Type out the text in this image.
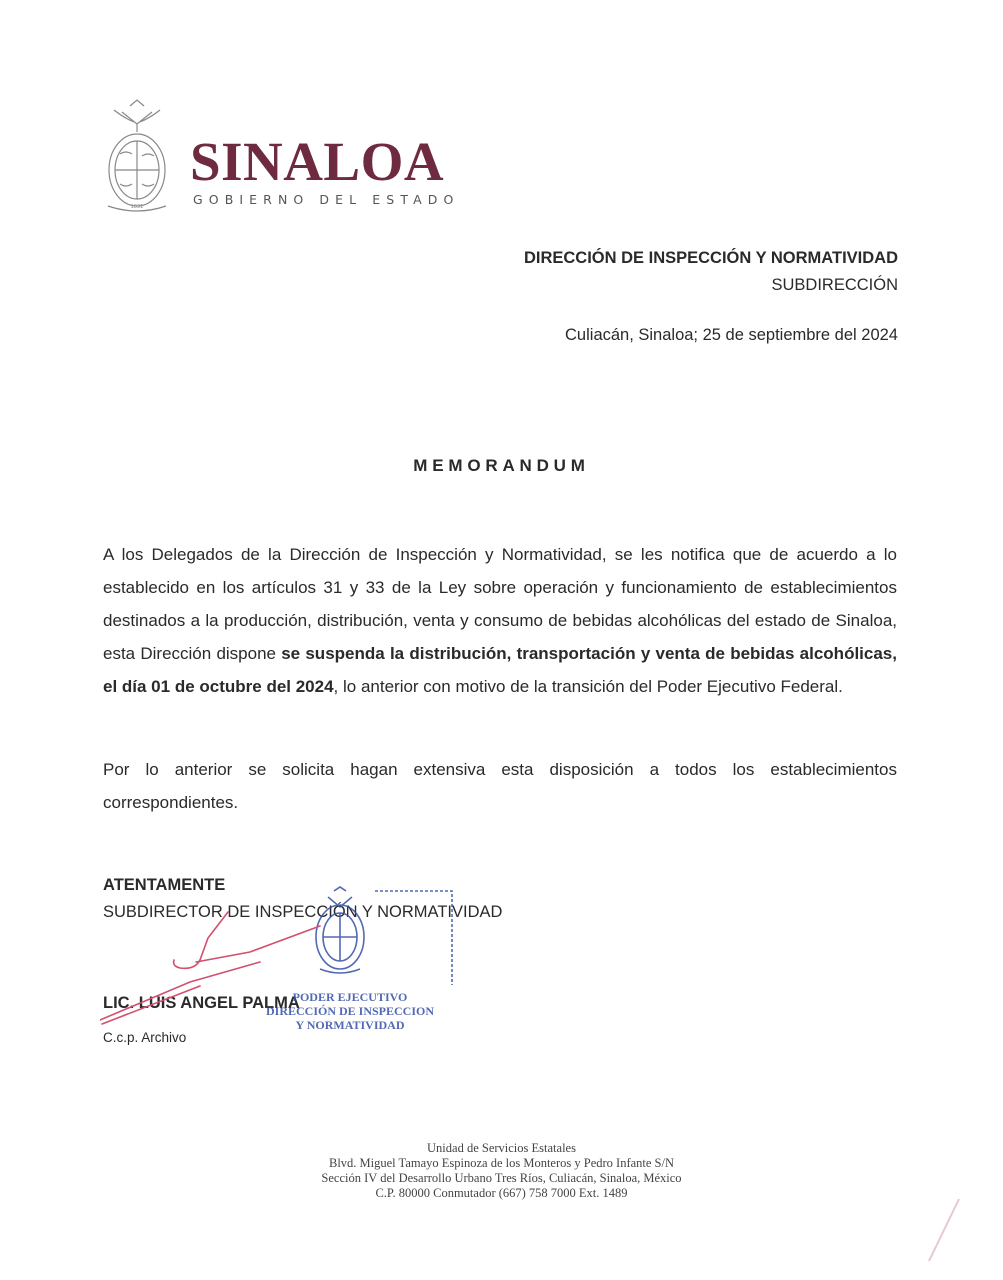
1831
SINALOA
GOBIERNO DEL ESTADO
DIRECCIÓN DE INSPECCIÓN Y NORMATIVIDAD
SUBDIRECCIÓN
Culiacán, Sinaloa; 25 de septiembre del 2024
MEMORANDUM
A los Delegados de la Dirección de Inspección y Normatividad, se les notifica que de acuerdo a lo establecido en los artículos 31 y 33 de la Ley sobre operación y funcionamiento de establecimientos destinados a la producción, distribución, venta y consumo de bebidas alcohólicas del estado de Sinaloa, esta Dirección dispone se suspenda la distribución, transportación y venta de bebidas alcohólicas, el día 01 de octubre del 2024, lo anterior con motivo de la transición del Poder Ejecutivo Federal.
Por lo anterior se solicita hagan extensiva esta disposición a todos los establecimientos correspondientes.
ATENTAMENTE
SUBDIRECTOR DE INSPECCIÓN Y NORMATIVIDAD
LIC. LUIS ANGEL PALMA
C.c.p. Archivo
PODER EJECUTIVO
DIRECCIÓN DE INSPECCION
Y NORMATIVIDAD
Unidad de Servicios Estatales
Blvd. Miguel Tamayo Espinoza de los Monteros y Pedro Infante S/N
Sección IV del Desarrollo Urbano Tres Ríos, Culiacán, Sinaloa, México
C.P. 80000 Conmutador (667) 758 7000 Ext. 1489
